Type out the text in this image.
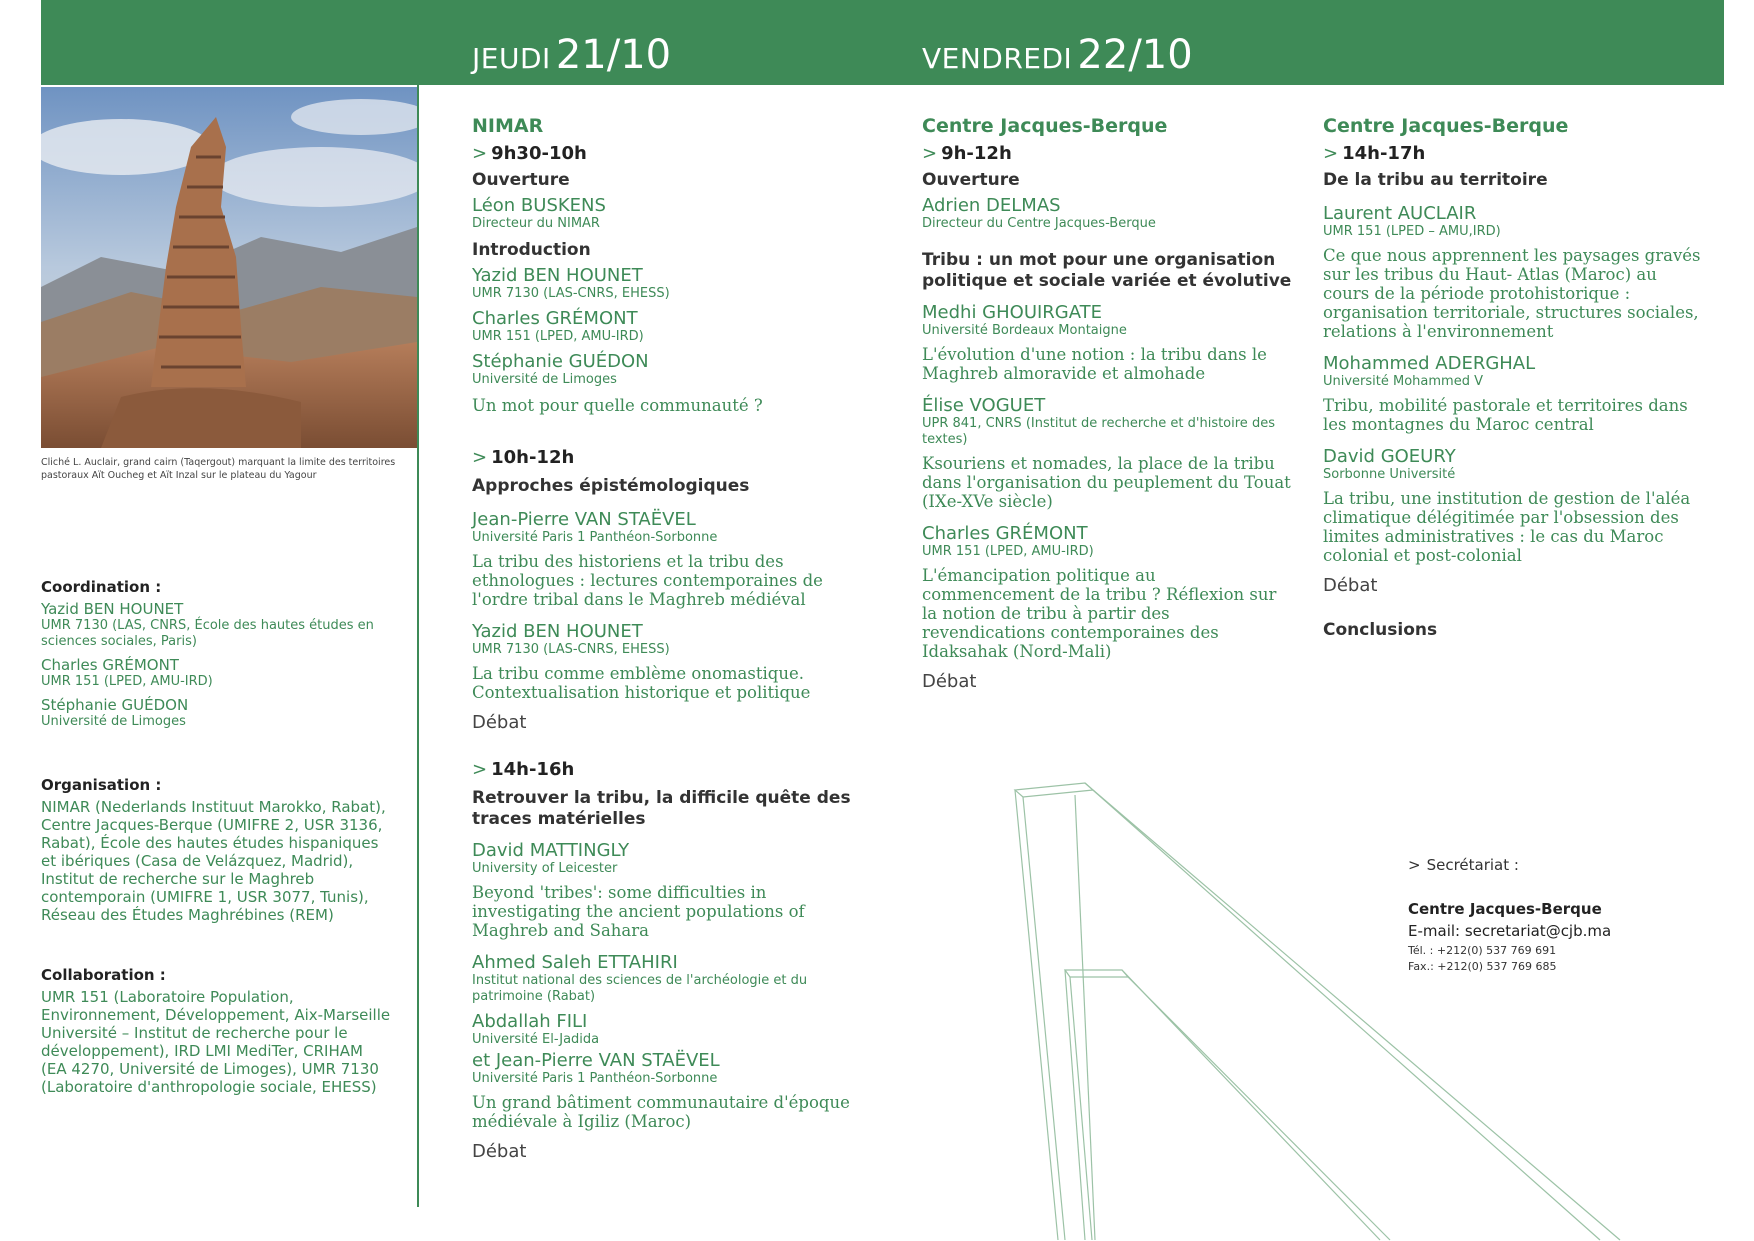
JEUDI 21/10	VENDREDI 22/10
Cliché L. Auclair, grand cairn (Taqergout) marquant la limite des territoires pastoraux Aït Oucheg et Aït Inzal sur le plateau du Yagour
Coordination :
Yazid BEN HOUNET
UMR 7130 (LAS, CNRS, École des hautes études en sciences sociales, Paris)
Charles GRÉMONT
UMR 151 (LPED, AMU-IRD)
Stéphanie GUÉDON
Université de Limoges
Organisation :
NIMAR (Nederlands Instituut Marokko, Rabat), Centre Jacques-Berque (UMIFRE 2, USR 3136, Rabat), École des hautes études hispaniques et ibériques (Casa de Velázquez, Madrid), Institut de recherche sur le Maghreb contemporain (UMIFRE 1, USR 3077, Tunis), Réseau des Études Maghrébines (REM)
Collaboration :
UMR 151 (Laboratoire Population, Environnement, Développement, Aix-Marseille Université – Institut de recherche pour le développement), IRD LMI MediTer, CRIHAM (EA 4270, Université de Limoges), UMR 7130 (Laboratoire d'anthropologie sociale, EHESS)
NIMAR
> 9h30-10h
Ouverture
Léon BUSKENS
Directeur du NIMAR
Introduction
Yazid BEN HOUNET
UMR 7130 (LAS-CNRS, EHESS)
Charles GRÉMONT
UMR 151 (LPED, AMU-IRD)
Stéphanie GUÉDON
Université de Limoges
Un mot pour quelle communauté ?
> 10h-12h
Approches épistémologiques
Jean-Pierre VAN STAËVEL
Université Paris 1 Panthéon-Sorbonne
La tribu des historiens et la tribu des ethnologues : lectures contemporaines de l'ordre tribal dans le Maghreb médiéval
Yazid BEN HOUNET
UMR 7130 (LAS-CNRS, EHESS)
La tribu comme emblème onomastique. Contextualisation historique et politique
Débat
> 14h-16h
Retrouver la tribu, la difficile quête des traces matérielles
David MATTINGLY
University of Leicester
Beyond 'tribes': some difficulties in investigating the ancient populations of Maghreb and Sahara
Ahmed Saleh ETTAHIRI
Institut national des sciences de l'archéologie et du patrimoine (Rabat)
Abdallah FILI
Université El-Jadida
et Jean-Pierre VAN STAËVEL
Université Paris 1 Panthéon-Sorbonne
Un grand bâtiment communautaire d'époque médiévale à Igiliz (Maroc)
Débat
Centre Jacques-Berque
> 9h-12h
Ouverture
Adrien DELMAS
Directeur du Centre Jacques-Berque
Tribu : un mot pour une organisation politique et sociale variée et évolutive
Medhi GHOUIRGATE
Université Bordeaux Montaigne
L'évolution d'une notion : la tribu dans le Maghreb almoravide et almohade
Élise VOGUET
UPR 841, CNRS (Institut de recherche et d'histoire des textes)
Ksouriens et nomades, la place de la tribu dans l'organisation du peuplement du Touat (IXe-XVe siècle)
Charles GRÉMONT
UMR 151 (LPED, AMU-IRD)
L'émancipation politique au commencement de la tribu ? Réflexion sur la notion de tribu à partir des revendications contemporaines des Idaksahak (Nord-Mali)
Débat
Centre Jacques-Berque
> 14h-17h
De la tribu au territoire
Laurent AUCLAIR
UMR 151 (LPED – AMU,IRD)
Ce que nous apprennent les paysages gravés sur les tribus du Haut- Atlas (Maroc) au cours de la période protohistorique : organisation territoriale, structures sociales, relations à l'environnement
Mohammed ADERGHAL
Université Mohammed V
Tribu, mobilité pastorale et territoires dans les montagnes du Maroc central
David GOEURY
Sorbonne Université
La tribu, une institution de gestion de l'aléa climatique délégitimée par l'obsession des limites administratives : le cas du Maroc colonial et post-colonial
Débat
Conclusions
> Secrétariat :
Centre Jacques-Berque
E-mail: secretariat@cjb.ma
Tél. : +212(0) 537 769 691
Fax.: +212(0) 537 769 685
